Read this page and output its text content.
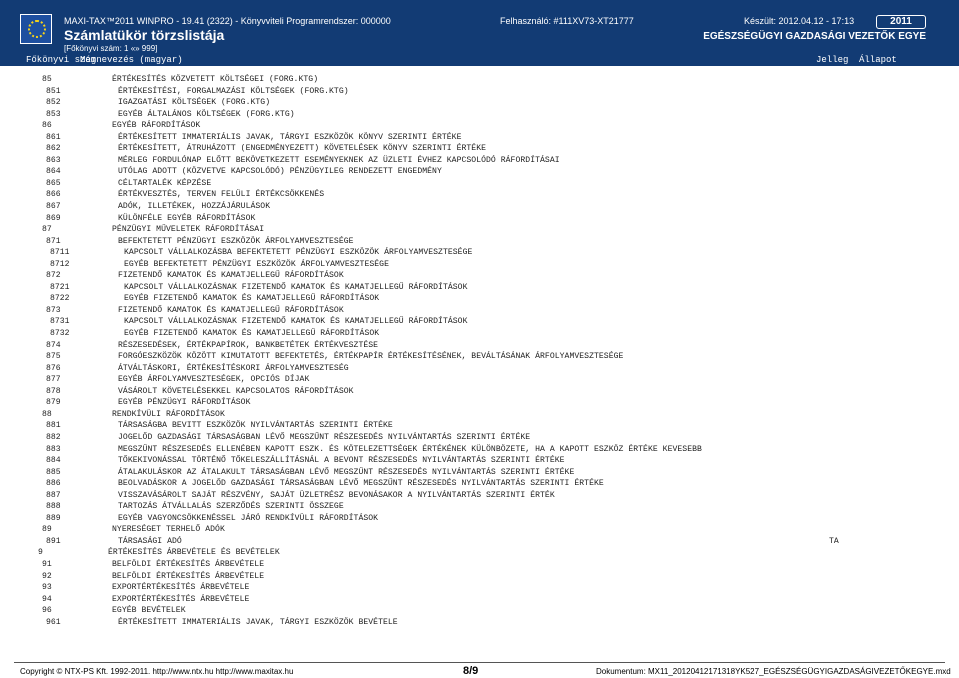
MAXI-TAX™2011 WINPRO - 19.41 (2322) - Könyvviteli Programrendszer: 000000
Számlatükör törzslistája
[Főkönyvi szám: 1 «» 999]
Felhasználó: #111XV73-XT21777	Készült: 2012.04.12 - 17:13	2011
EGÉSZSÉGÜGYI GAZDASÁGI VEZETŐK EGYE
Főkönyvi szám
Megnevezés (magyar)	Jelleg Állapot
85	ÉRTÉKESÍTÉS KÖZVETETT KÖLTSÉGEI (FORG.KTG)
851	ÉRTÉKESÍTÉSI, FORGALMAZÁSI KÖLTSÉGEK (FORG.KTG)
852	IGAZGATÁSI KÖLTSÉGEK (FORG.KTG)
853	EGYÉB ÁLTALÁNOS KÖLTSÉGEK (FORG.KTG)
86	EGYÉB RÁFORDÍTÁSOK
861	ÉRTÉKESÍTETT IMMATERIÁLIS JAVAK, TÁRGYI ESZKÖZÖK KÖNYV SZERINTI ÉRTÉKE
862	ÉRTÉKESÍTETT, ÁTRUHÁZOTT (ENGEDMÉNYEZETT) KÖVETELÉSEK KÖNYV SZERINTI ÉRTÉKE
863	MÉRLEG FORDULÓNAP ELŐTT BEKÖVETKEZETT ESEMÉNYEKNEK AZ ÜZLETI ÉVHEZ KAPCSOLÓDÓ RÁFORDÍTÁSAI
864	UTÓLAG ADOTT (KÖZVETVE KAPCSOLÓDÓ) PÉNZÜGYILEG RENDEZETT ENGEDMÉNY
865	CÉLTARTALÉK KÉPZÉSE
866	ÉRTÉKVESZTÉS, TERVEN FELÜLI ÉRTÉKCSÖKKENÉS
867	ADÓK, ILLETÉKEK, HOZZÁJÁRULÁSOK
869	KÜLÖNFÉLE EGYÉB RÁFORDÍTÁSOK
87	PÉNZÜGYI MŰVELETEK RÁFORDÍTÁSAI
871	BEFEKTETETT PÉNZÜGYI ESZKÖZÖK ÁRFOLYAMVESZTESÉGE
8711	KAPCSOLT VÁLLALKOZÁSBA BEFEKTETETT PÉNZÜGYI ESZKÖZÖK ÁRFOLYAMVESZTESÉGE
8712	EGYÉB BEFEKTETETT PÉNZÜGYI ESZKÖZÖK ÁRFOLYAMVESZTESÉGE
872	FIZETENDŐ KAMATOK ÉS KAMATJELLEGŰ RÁFORDÍTÁSOK
8721	KAPCSOLT VÁLLALKOZÁSNAK FIZETENDŐ KAMATOK ÉS KAMATJELLEGŰ RÁFORDÍTÁSOK
8722	EGYÉB FIZETENDŐ KAMATOK ÉS KAMATJELLEGŰ RÁFORDÍTÁSOK
873	FIZETENDŐ KAMATOK ÉS KAMATJELLEGŰ RÁFORDÍTÁSOK
8731	KAPCSOLT VÁLLALKOZÁSNAK FIZETENDŐ KAMATOK ÉS KAMATJELLEGŰ RÁFORDÍTÁSOK
8732	EGYÉB FIZETENDŐ KAMATOK ÉS KAMATJELLEGŰ RÁFORDÍTÁSOK
874	RÉSZESEDÉSEK, ÉRTÉKPAPÍROK, BANKBETÉTEK ÉRTÉKVESZTÉSE
875	FORGÓESZKÖZÖK KÖZÖTT KIMUTATOTT BEFEKTETÉS, ÉRTÉKPAPÍR ÉRTÉKESÍTÉSÉNEK, BEVÁLTÁSÁNAK ÁRFOLYAMVESZTESÉGE
876	ÁTVÁLTÁSKORI, ÉRTÉKESÍTÉSKORI ÁRFOLYAMVESZTESÉG
877	EGYÉB ÁRFOLYAMVESZTESÉGEK, OPCIÓS DÍJAK
878	VÁSÁROLT KÖVETELÉSEKKEL KAPCSOLATOS RÁFORDÍTÁSOK
879	EGYÉB PÉNZÜGYI RÁFORDÍTÁSOK
88	RENDKÍVÜLI RÁFORDÍTÁSOK
881	TÁRSASÁGBA BEVITT ESZKÖZÖK NYILVÁNTARTÁS SZERINTI ÉRTÉKE
882	JOGELŐD GAZDASÁGI TÁRSASÁGBAN LÉVŐ MEGSZŰNT RÉSZESEDÉS NYILVÁNTARTÁS SZERINTI ÉRTÉKE
883	MEGSZŰNT RÉSZESEDÉS ELLENÉBEN KAPOTT ESZK. ÉS KÖTELEZETTSÉGEK ÉRTÉKÉNEK KÜLÖNBÖZETE, HA A KAPOTT ESZKÖZ ÉRTÉKE KEVESEBB
884	TŐKEKIVONÁSSAL TÖRTÉNŐ TŐKELESZÁLLÍTÁSNÁL A BEVONT RÉSZESEDÉS NYILVÁNTARTÁS SZERINTI ÉRTÉKE
885	ÁTALAKULÁSKOR AZ ÁTALAKULT TÁRSASÁGBAN LÉVŐ MEGSZŰNT RÉSZESEDÉS NYILVÁNTARTÁS SZERINTI ÉRTÉKE
886	BEOLVADÁSKOR A JOGELŐD GAZDASÁGI TÁRSASÁGBAN LÉVŐ MEGSZŰNT RÉSZESEDÉS NYILVÁNTARTÁS SZERINTI ÉRTÉKE
887	VISSZAVÁSÁROLT SAJÁT RÉSZVÉNY, SAJÁT ÜZLETRÉSZ BEVONÁSAKOR A NYILVÁNTARTÁS SZERINTI ÉRTÉK
888	TARTOZÁS ÁTVÁLLALÁS SZERZŐDÉS SZERINTI ÖSSZEGE
889	EGYÉB VAGYONCSÖKKENÉSSEL JÁRÓ RENDKÍVÜLI RÁFORDÍTÁSOK
89	NYERESÉGET TERHELŐ ADÓK
891	TÁRSASÁGI ADÓ	TA
9	ÉRTÉKESÍTÉS ÁRBEVÉTELE ÉS BEVÉTELEK
91	BELFÖLDI ÉRTÉKESÍTÉS ÁRBEVÉTELE
92	BELFÖLDI ÉRTÉKESÍTÉS ÁRBEVÉTELE
93	EXPORTÉRTÉKESÍTÉS ÁRBEVÉTELE
94	EXPORTÉRTÉKESÍTÉS ÁRBEVÉTELE
96	EGYÉB BEVÉTELEK
961	ÉRTÉKESÍTETT IMMATERIÁLIS JAVAK, TÁRGYI ESZKÖZÖK BEVÉTELE
Copyright © NTX-PS Kft. 1992-2011. http://www.ntx.hu http://www.maxitax.hu	8/9	Dokumentum: MX11_20120412171318YK527_EGÉSZSÉGÜGYIGAZDASÁGIVEZETŐKEGYE.mxd
